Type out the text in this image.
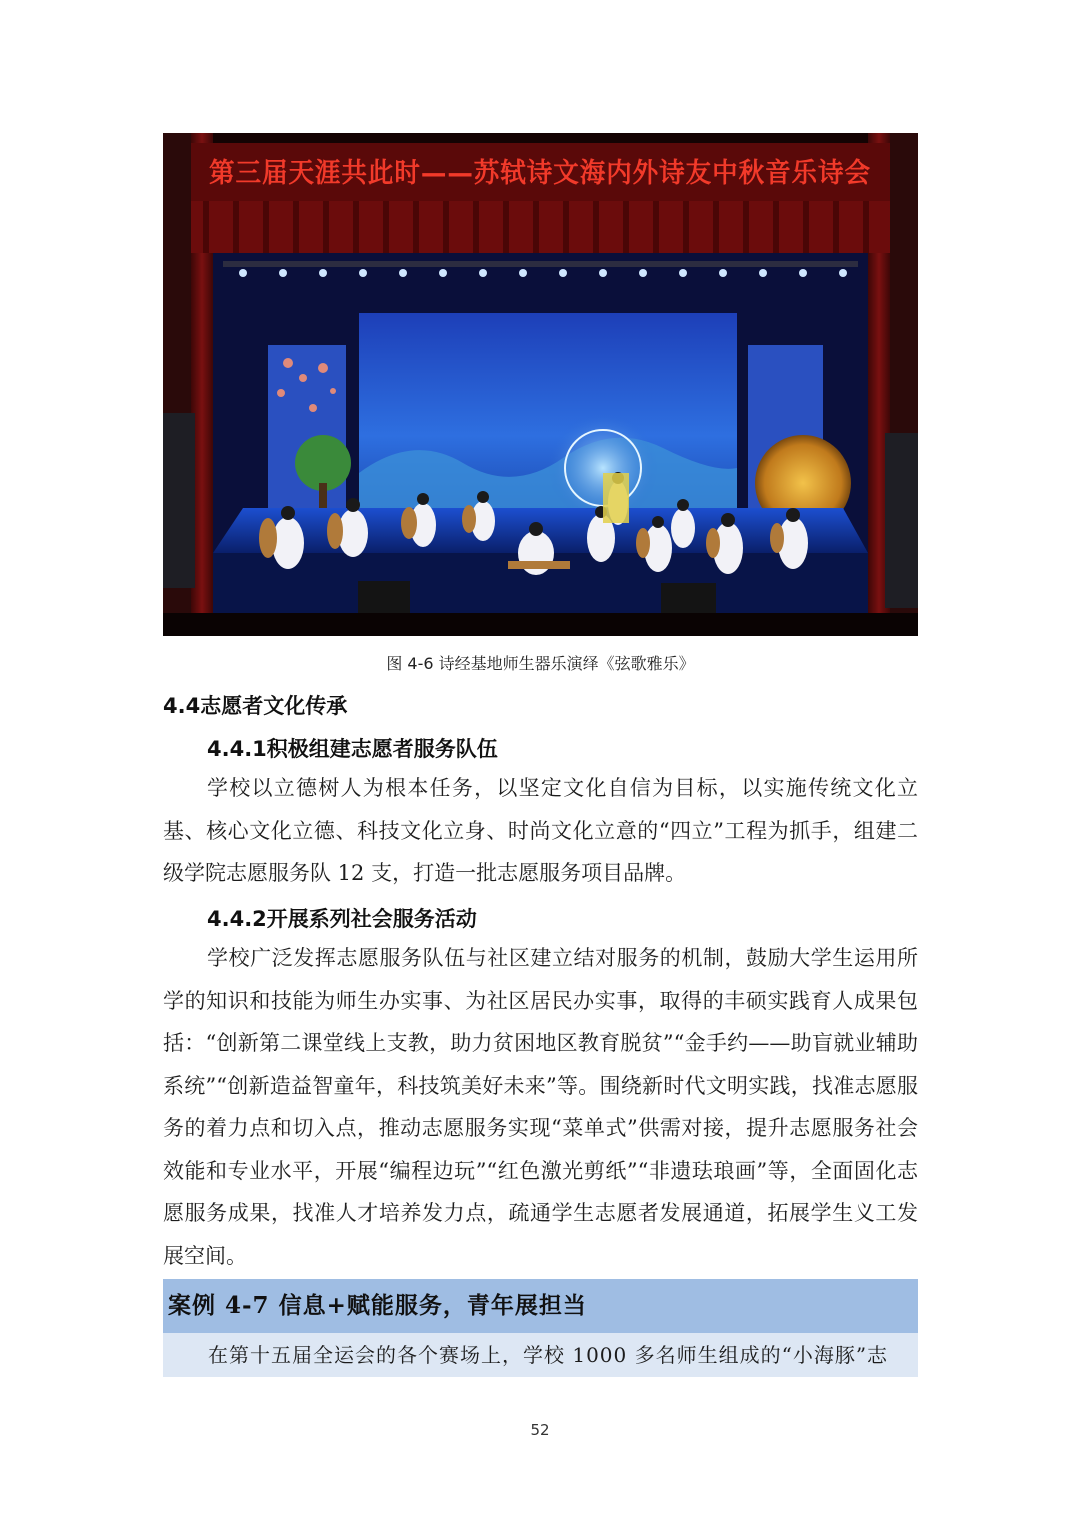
第三届天涯共此时——苏轼诗文海内外诗友中秋音乐诗会
图 4-6 诗经基地师生器乐演绎《弦歌雅乐》
4.4志愿者文化传承
4.4.1积极组建志愿者服务队伍

学校以立德树人为根本任务，以坚定文化自信为目标，以实施传统文化立基、核心文化立德、科技文化立身、时尚文化立意的“四立”工程为抓手，组建二级学院志愿服务队 12 支，打造一批志愿服务项目品牌。

4.4.2开展系列社会服务活动

学校广泛发挥志愿服务队伍与社区建立结对服务的机制，鼓励大学生运用所学的知识和技能为师生办实事、为社区居民办实事，取得的丰硕实践育人成果包括：“创新第二课堂线上支教，助力贫困地区教育脱贫”“金手约——助盲就业辅助系统”“创新造益智童年，科技筑美好未来”等。围绕新时代文明实践，找准志愿服务的着力点和切入点，推动志愿服务实现“菜单式”供需对接，提升志愿服务社会效能和专业水平，开展“编程边玩”“红色激光剪纸”“非遗珐琅画”等，全面固化志愿服务成果，找准人才培养发力点，疏通学生志愿者发展通道，拓展学生义工发展空间。

案例 4-7 信息+赋能服务，青年展担当
在第十五届全运会的各个赛场上，学校 1000 多名师生组成的“小海豚”志
52
